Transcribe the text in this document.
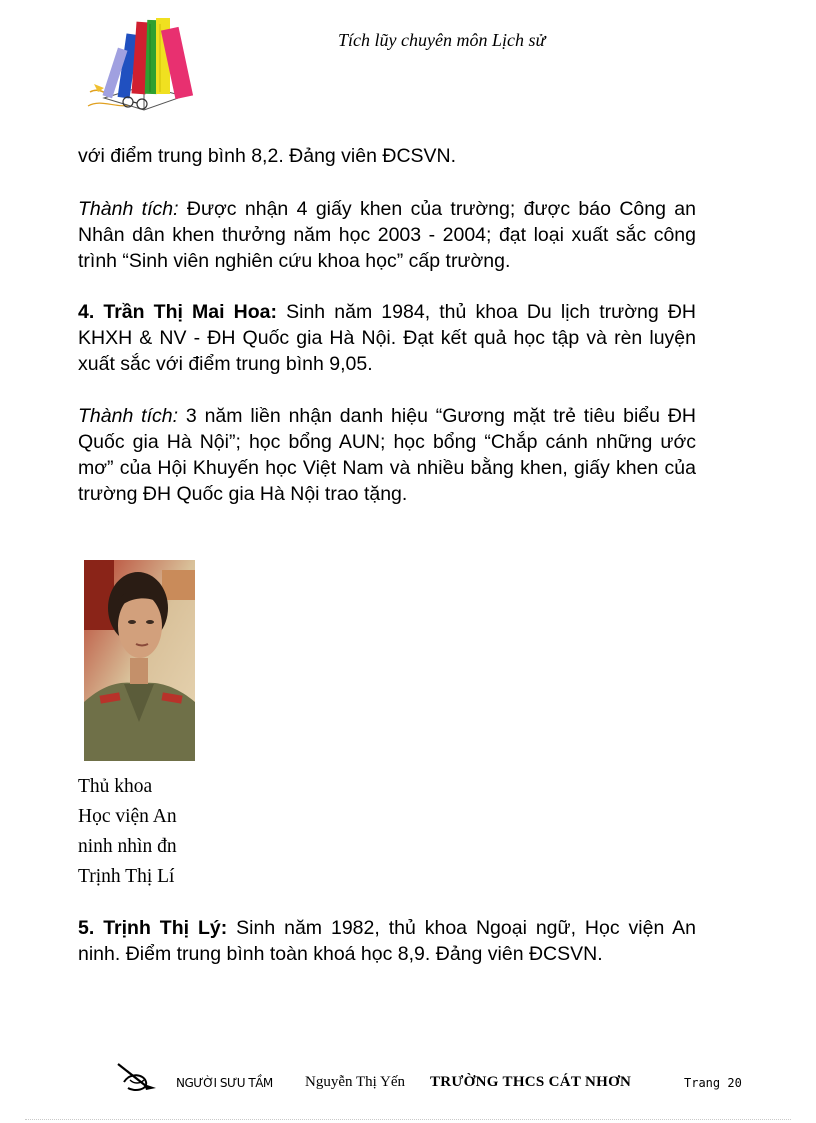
Tích lũy chuyên môn Lịch sử

với điểm trung bình 8,2. Đảng viên ĐCSVN.

Thành tích: Được nhận 4 giấy khen của trường; được báo Công an Nhân dân khen thưởng năm học 2003 - 2004; đạt loại xuất sắc công trình “Sinh viên nghiên cứu khoa học” cấp trường.

4. Trần Thị Mai Hoa: Sinh năm 1984, thủ khoa Du lịch trường ĐH KHXH & NV - ĐH Quốc gia Hà Nội. Đạt kết quả học tập và rèn luyện xuất sắc với điểm trung bình 9,05.

Thành tích: 3 năm liền nhận danh hiệu “Gương mặt trẻ tiêu biểu ĐH Quốc gia Hà Nội”; học bổng AUN; học bổng “Chắp cánh những ước mơ” của Hội Khuyến học Việt Nam và nhiều bằng khen, giấy khen của trường ĐH Quốc gia Hà Nội trao tặng.

Thủ khoa
Học viện An
ninh nhìn đn
Trịnh Thị Lí

5. Trịnh Thị Lý: Sinh năm 1982, thủ khoa Ngoại ngữ, Học viện An ninh. Điểm trung bình toàn khoá học 8,9. Đảng viên ĐCSVN.

NGƯỜI SƯU TẦM Nguyễn Thị Yến TRƯỜNG THCS CÁT NHƠN	Trang 20
